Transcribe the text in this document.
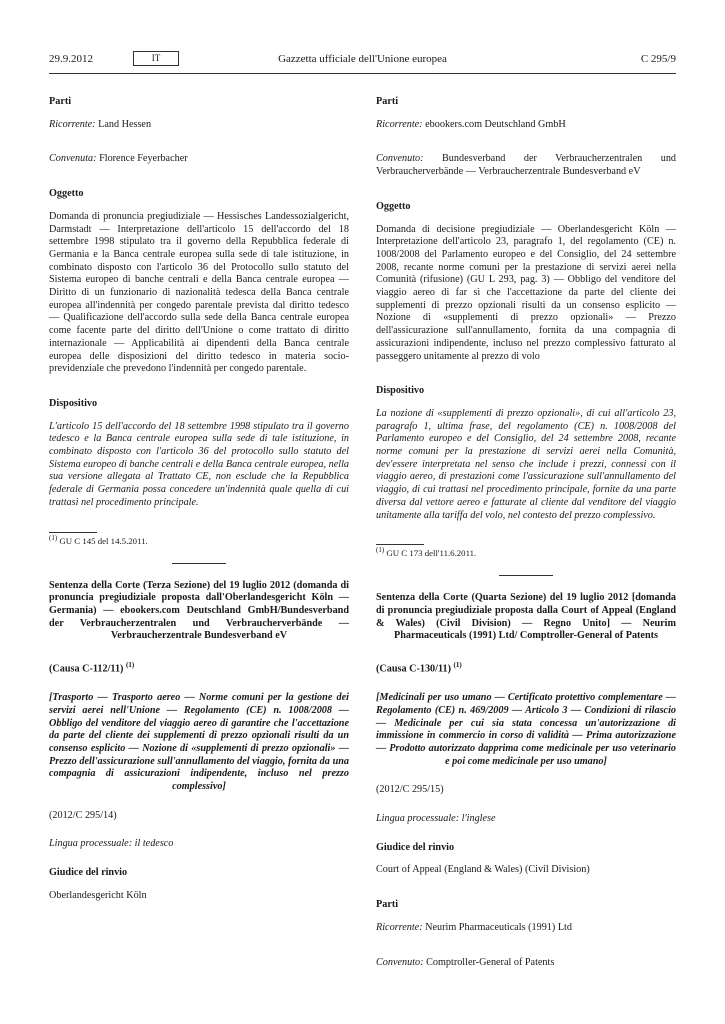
29.9.2012	IT	Gazzetta ufficiale dell'Unione europea	C 295/9

Parti

Ricorrente: Land Hessen

Convenuta: Florence Feyerbacher

Oggetto

Domanda di pronuncia pregiudiziale — Hessisches Landessozialgericht, Darmstadt — Interpretazione dell'articolo 15 dell'accordo del 18 settembre 1998 stipulato tra il governo della Repubblica federale di Germania e la Banca centrale europea sulla sede di tale istituzione, in combinato disposto con l'articolo 36 del Protocollo sullo statuto del Sistema europeo di banche centrali e della Banca centrale europea — Diritto di un funzionario di nazionalità tedesca della Banca centrale europea all'indennità per congedo parentale prevista dal diritto tedesco — Qualificazione dell'accordo sulla sede della Banca centrale europea come facente parte del diritto dell'Unione o come trattato di diritto internazionale — Applicabilità ai dipendenti della Banca centrale europea delle disposizioni del diritto tedesco in materia socio-previdenziale che prevedono l'indennità per congedo parentale.

Dispositivo

L'articolo 15 dell'accordo del 18 settembre 1998 stipulato tra il governo tedesco e la Banca centrale europea sulla sede di tale istituzione, in combinato disposto con l'articolo 36 del protocollo sullo statuto del Sistema europeo di banche centrali e della Banca centrale europea, nella sua versione allegata al Trattato CE, non esclude che la Repubblica federale di Germania possa concedere un'indennità quale quella di cui trattasi nel procedimento principale.

$^{(1)}$ GU C 145 del 14.5.2011.

Sentenza della Corte (Terza Sezione) del 19 luglio 2012 (domanda di pronuncia pregiudiziale proposta dall'Oberlandesgericht Köln — Germania) — ebookers.com Deutschland GmbH/Bundesverband der Verbraucherzentralen und Verbraucherverbände — Verbraucherzentrale Bundesverband eV

(Causa C-112/11) $^{(1)}$

[Trasporto — Trasporto aereo — Norme comuni per la gestione dei servizi aerei nell'Unione — Regolamento (CE) n. 1008/2008 — Obbligo del venditore del viaggio aereo di garantire che l'accettazione da parte del cliente dei supplementi di prezzo opzionali risulti da un consenso esplicito — Nozione di «supplementi di prezzo opzionali» — Prezzo dell'assicurazione sull'annullamento del viaggio, fornita da una compagnia di assicurazioni indipendente, incluso nel prezzo complessivo]

(2012/C 295/14)

Lingua processuale: il tedesco

Giudice del rinvio

Oberlandesgericht Köln

Parti

Ricorrente: ebookers.com Deutschland GmbH

Convenuto: Bundesverband der Verbraucherzentralen und Verbraucherverbände — Verbraucherzentrale Bundesverband eV

Oggetto

Domanda di decisione pregiudiziale — Oberlandesgericht Köln — Interpretazione dell'articolo 23, paragrafo 1, del regolamento (CE) n. 1008/2008 del Parlamento europeo e del Consiglio, del 24 settembre 2008, recante norme comuni per la prestazione di servizi aerei nella Comunità (rifusione) (GU L 293, pag. 3) — Obbligo del venditore del viaggio aereo di far sì che l'accettazione da parte del cliente dei supplementi di prezzo opzionali risulti da un consenso esplicito — Nozione di «supplementi di prezzo opzionali» — Prezzo dell'assicurazione sull'annullamento, fornita da una compagnia di assicurazioni indipendente, incluso nel prezzo complessivo fatturato al passeggero unitamente al prezzo di volo

Dispositivo

La nozione di «supplementi di prezzo opzionali», di cui all'articolo 23, paragrafo 1, ultima frase, del regolamento (CE) n. 1008/2008 del Parlamento europeo e del Consiglio, del 24 settembre 2008, recante norme comuni per la prestazione di servizi aerei nella Comunità, dev'essere interpretata nel senso che include i prezzi, connessi con il viaggio aereo, di prestazioni come l'assicurazione sull'annullamento del viaggio, di cui trattasi nel procedimento principale, fornite da una parte diversa dal vettore aereo e fatturate al cliente dal venditore del viaggio unitamente alla tariffa del volo, nel contesto del prezzo complessivo.

$^{(1)}$ GU C 173 dell'11.6.2011.

Sentenza della Corte (Quarta Sezione) del 19 luglio 2012 [domanda di pronuncia pregiudiziale proposta dalla Court of Appeal (England & Wales) (Civil Division) — Regno Unito] — Neurim Pharmaceuticals (1991) Ltd/ Comptroller-General of Patents

(Causa C-130/11) $^{(1)}$

[Medicinali per uso umano — Certificato protettivo complementare — Regolamento (CE) n. 469/2009 — Articolo 3 — Condizioni di rilascio — Medicinale per cui sia stata concessa un'autorizzazione di immissione in commercio in corso di validità — Prima autorizzazione — Prodotto autorizzato dapprima come medicinale per uso veterinario e poi come medicinale per uso umano]

(2012/C 295/15)

Lingua processuale: l'inglese

Giudice del rinvio

Court of Appeal (England & Wales) (Civil Division)

Parti

Ricorrente: Neurim Pharmaceuticals (1991) Ltd

Convenuto: Comptroller-General of Patents
